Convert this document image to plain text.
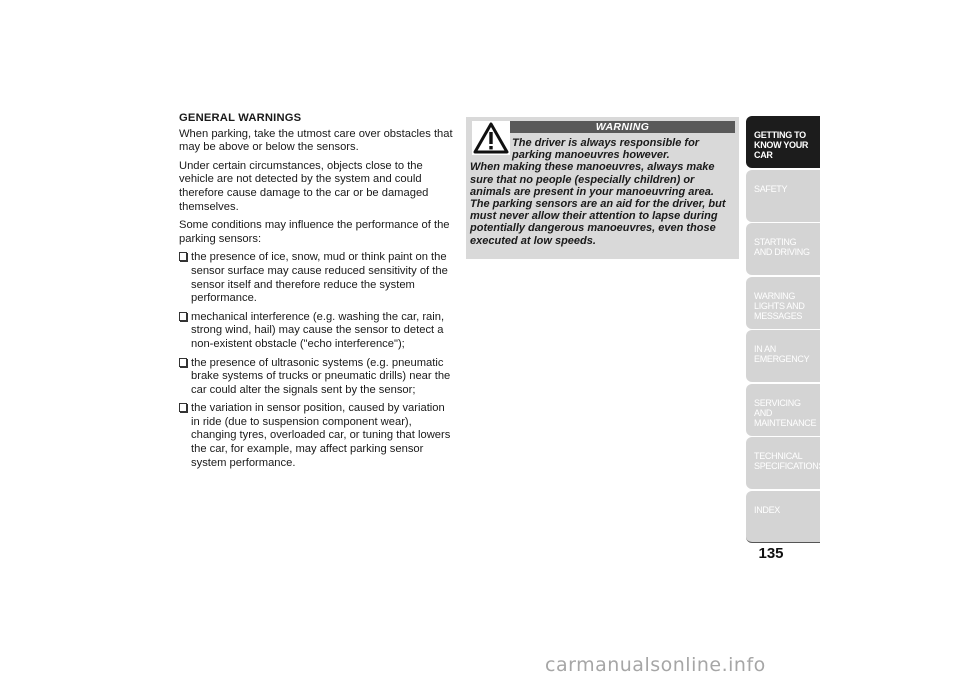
GENERAL WARNINGS

When parking, take the utmost care over obstacles that may be above or below the sensors.

Under certain circumstances, objects close to the vehicle are not detected by the system and could therefore cause damage to the car or be damaged themselves.

Some conditions may influence the performance of the parking sensors:

the presence of ice, snow, mud or think paint on the sensor surface may cause reduced sensitivity of the sensor itself and therefore reduce the system performance.
mechanical interference (e.g. washing the car, rain, strong wind, hail) may cause the sensor to detect a non-existent obstacle ("echo interference");
the presence of ultrasonic systems (e.g. pneumatic brake systems of trucks or pneumatic drills) near the car could alter the signals sent by the sensor;
the variation in sensor position, caused by variation in ride (due to suspension component wear), changing tyres, overloaded car, or tuning that lowers the car, for example, may affect parking sensor system performance.
WARNING
The driver is always responsible for parking manoeuvres however.
When making these manoeuvres, always make sure that no people (especially children) or animals are present in your manoeuvring area. The parking sensors are an aid for the driver, but must never allow their attention to lapse during potentially dangerous manoeuvres, even those executed at low speeds.
GETTING TO KNOW YOUR CAR
SAFETY
STARTING AND DRIVING
WARNING LIGHTS AND MESSAGES
IN AN EMERGENCY
SERVICING AND MAINTENANCE
TECHNICAL SPECIFICATIONS
INDEX
135
carmanualsonline.info
